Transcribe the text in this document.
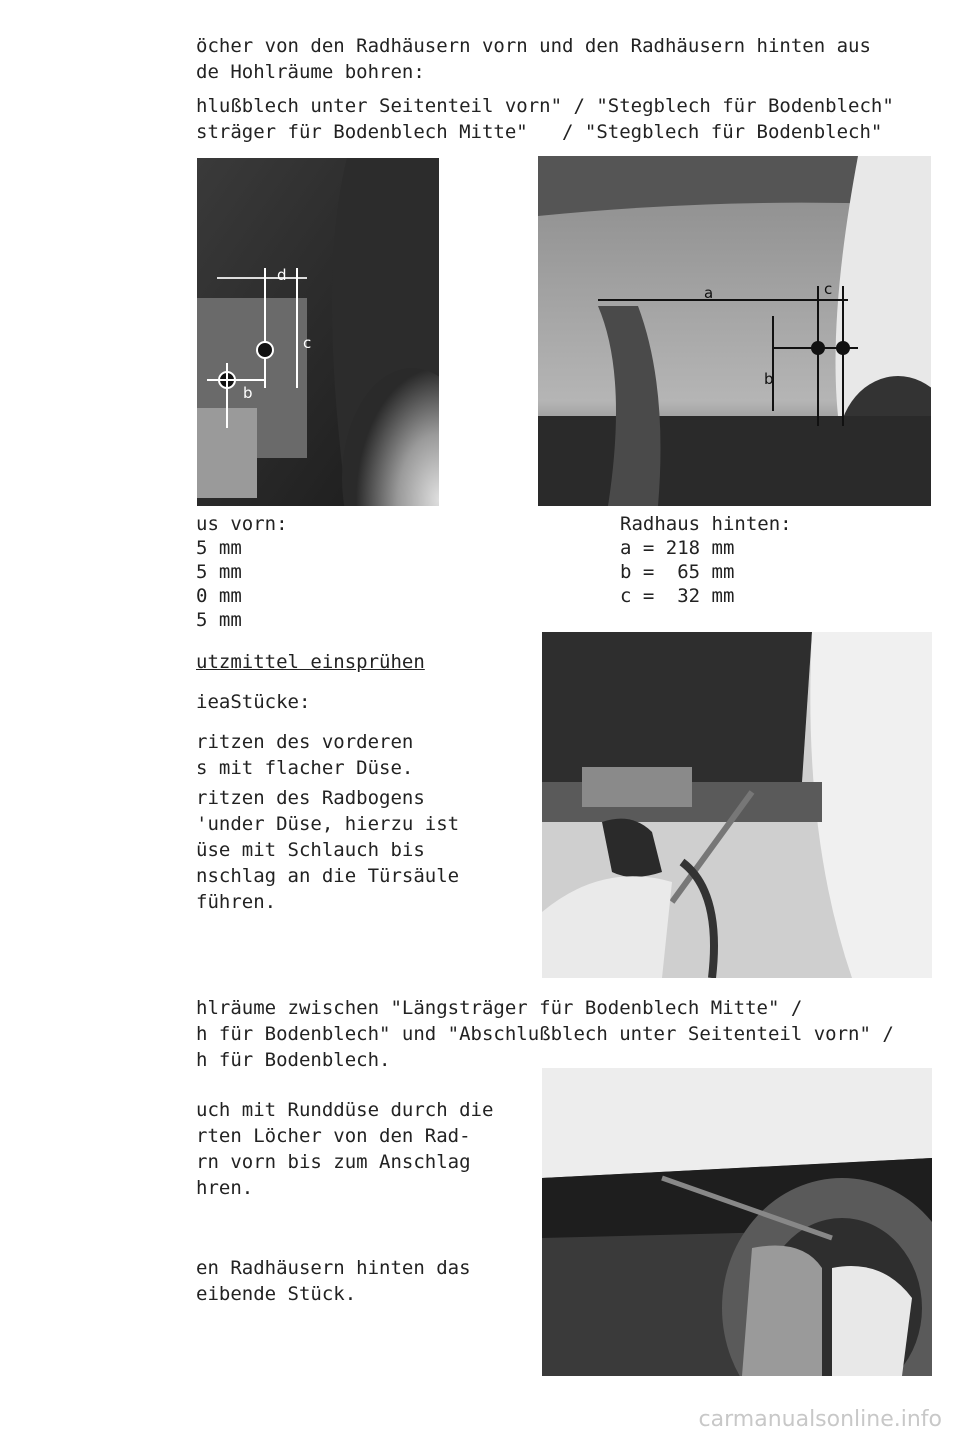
öcher von den Radhäusern vorn und den Radhäusern hinten aus
de Hohlräume bohren:
hlußblech unter Seitenteil vorn" / "Stegblech für Bodenblech"
sträger für Bodenblech Mitte"   / "Stegblech für Bodenblech"
d
c
b
a	c
b
us vorn:
5 mm
5 mm
0 mm
5 mm
Radhaus hinten:
a = 218 mm
b =  65 mm
c =  32 mm
utzmittel einsprühen
ieaStücke:
ritzen des vorderen
s mit flacher Düse.
ritzen des Radbogens
'under Düse, hierzu ist
üse mit Schlauch bis
nschlag an die Türsäule
führen.
hlräume zwischen "Längsträger für Bodenblech Mitte" /
h für Bodenblech" und "Abschlußblech unter Seitenteil vorn" /
h für Bodenblech.
uch mit Runddüse durch die
rten Löcher von den Rad-
rn vorn bis zum Anschlag
hren.
en Radhäusern hinten das
eibende Stück.
carmanualsonline.info
